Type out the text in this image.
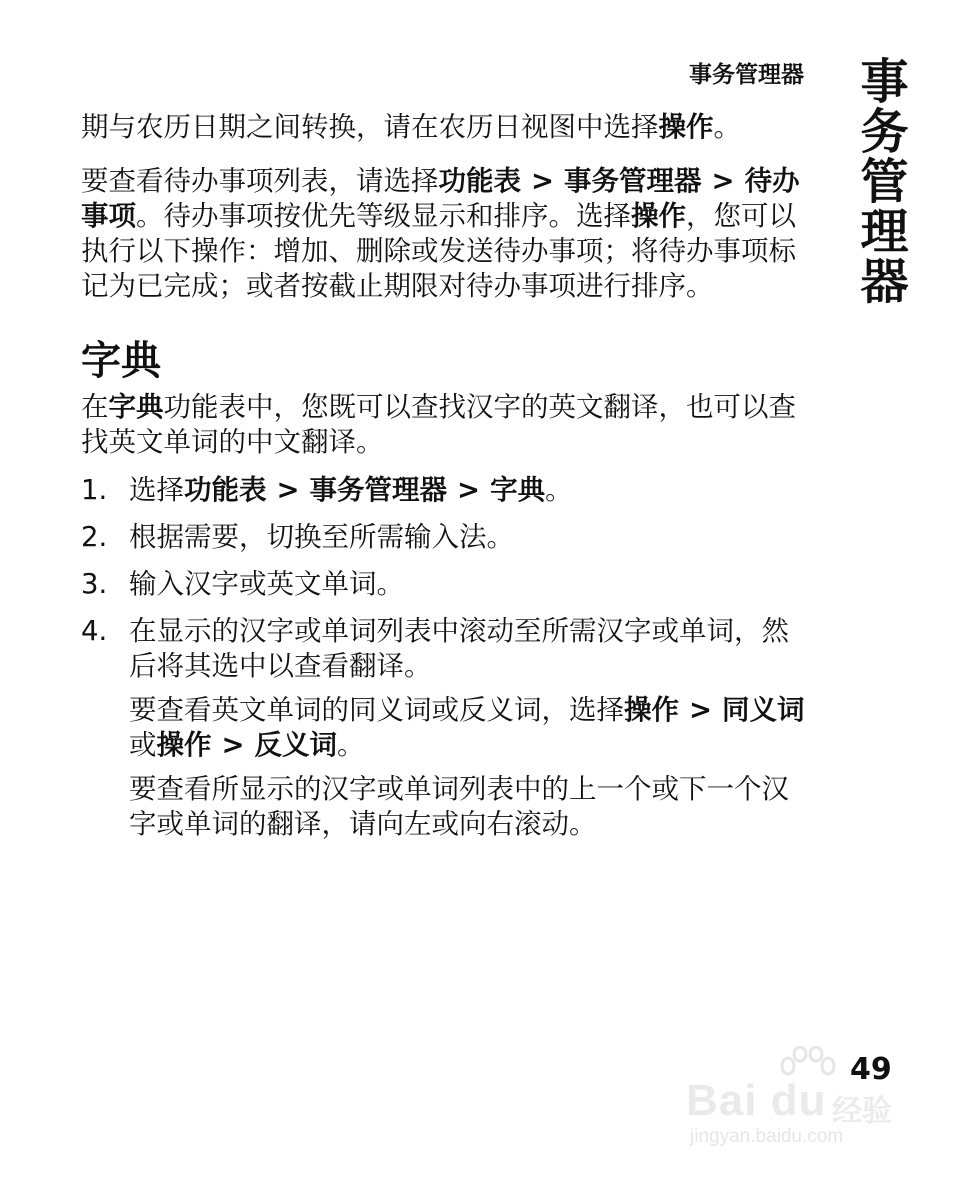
事务管理器 事务管理器

期与农历日期之间转换，请在农历日视图中选择操作。

要查看待办事项列表，请选择功能表 > 事务管理器 > 待办事项。待办事项按优先等级显示和排序。选择操作，您可以执行以下操作：增加、删除或发送待办事项；将待办事项标记为已完成；或者按截止期限对待办事项进行排序。

字典

在字典功能表中，您既可以查找汉字的英文翻译，也可以查找英文单词的中文翻译。

1. 选择功能表 > 事务管理器 > 字典。
2. 根据需要，切换至所需输入法。
3. 输入汉字或英文单词。
4. 在显示的汉字或单词列表中滚动至所需汉字或单词，然后将其选中以查看翻译。

要查看英文单词的同义词或反义词，选择操作 > 同义词或操作 > 反义词。

要查看所显示的汉字或单词列表中的上一个或下一个汉字或单词的翻译，请向左或向右滚动。

49
Bai du 经验
jingyan.baidu.com
